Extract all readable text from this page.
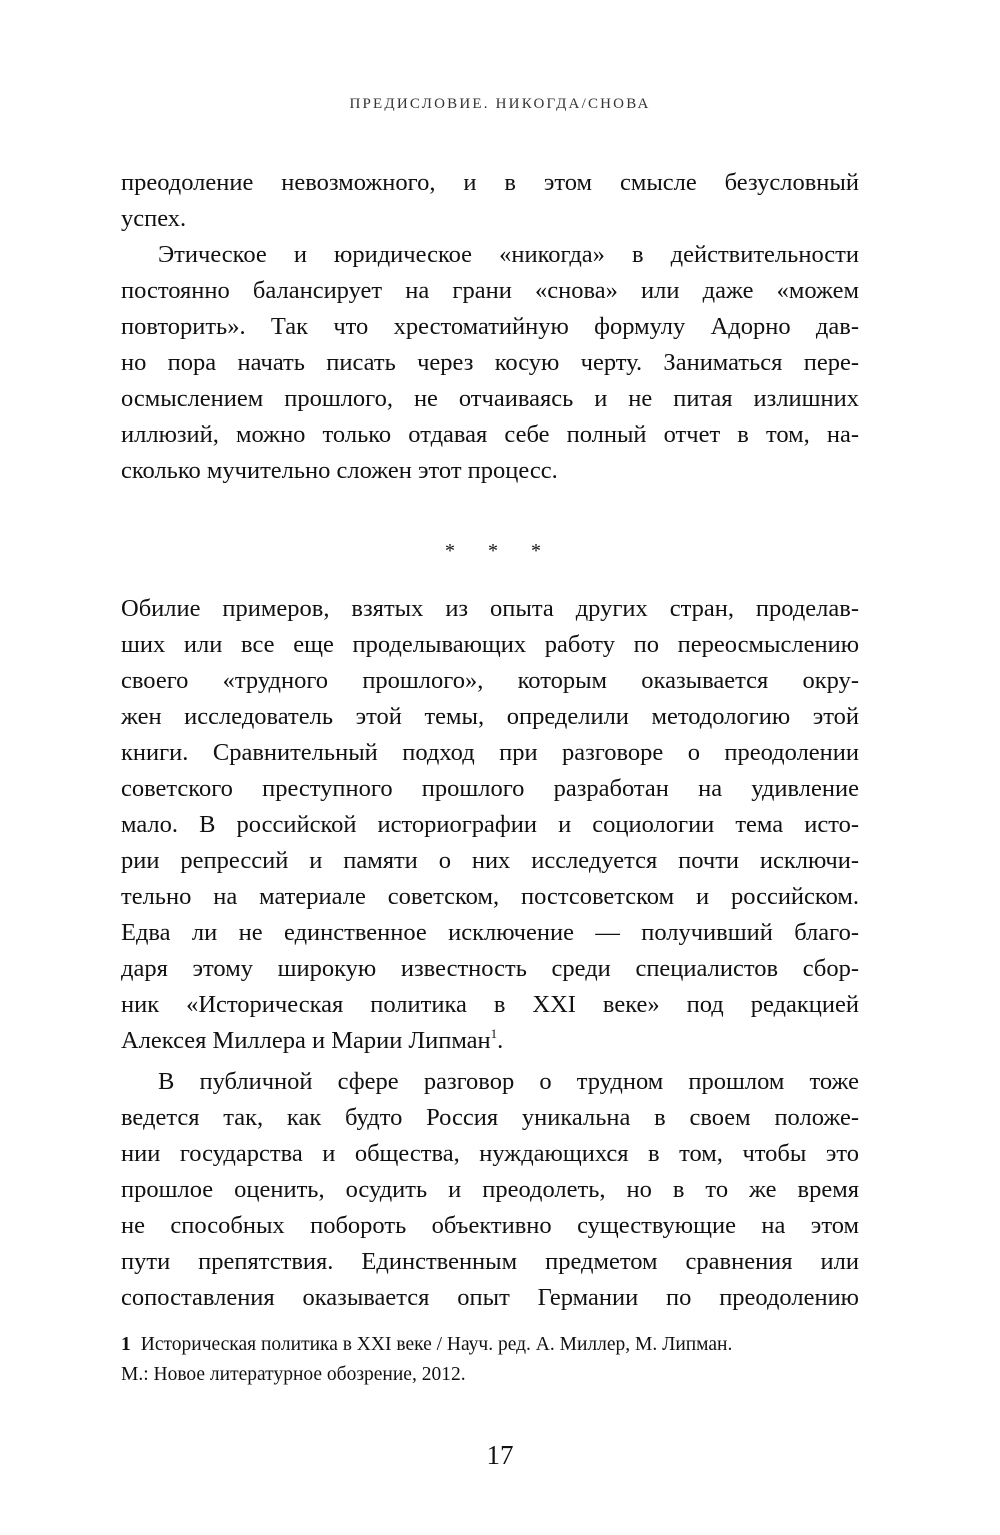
ПРЕДИСЛОВИЕ. НИКОГДА/СНОВА
преодоление невозможного, и в этом смысле безусловный
успех.
Этическое и юридическое «никогда» в действительности
постоянно балансирует на грани «снова» или даже «можем
повторить». Так что хрестоматийную формулу Адорно дав-
но пора начать писать через косую черту. Заниматься пере-
осмыслением прошлого, не отчаиваясь и не питая излишних
иллюзий, можно только отдавая себе полный отчет в том, на-
сколько мучительно сложен этот процесс.
* * *
Обилие примеров, взятых из опыта других стран, проделав-
ших или все еще проделывающих работу по переосмыслению
своего «трудного прошлого», которым оказывается окру-
жен исследователь этой темы, определили методологию этой
книги. Сравнительный подход при разговоре о преодолении
советского преступного прошлого разработан на удивление
мало. В российской историографии и социологии тема исто-
рии репрессий и памяти о них исследуется почти исключи-
тельно на материале советском, постсоветском и российском.
Едва ли не единственное исключение — получивший благо-
даря этому широкую известность среди специалистов сбор-
ник «Историческая политика в XXI веке» под редакцией
Алексея Миллера и Марии Липман$^1$.
В публичной сфере разговор о трудном прошлом тоже
ведется так, как будто Россия уникальна в своем положе-
нии государства и общества, нуждающихся в том, чтобы это
прошлое оценить, осудить и преодолеть, но в то же время
не способных побороть объективно существующие на этом
пути препятствия. Единственным предметом сравнения или
сопоставления оказывается опыт Германии по преодолению
1 Историческая политика в XXI веке / Науч. ред. А. Миллер, М. Липман.
М.: Новое литературное обозрение, 2012.
17
